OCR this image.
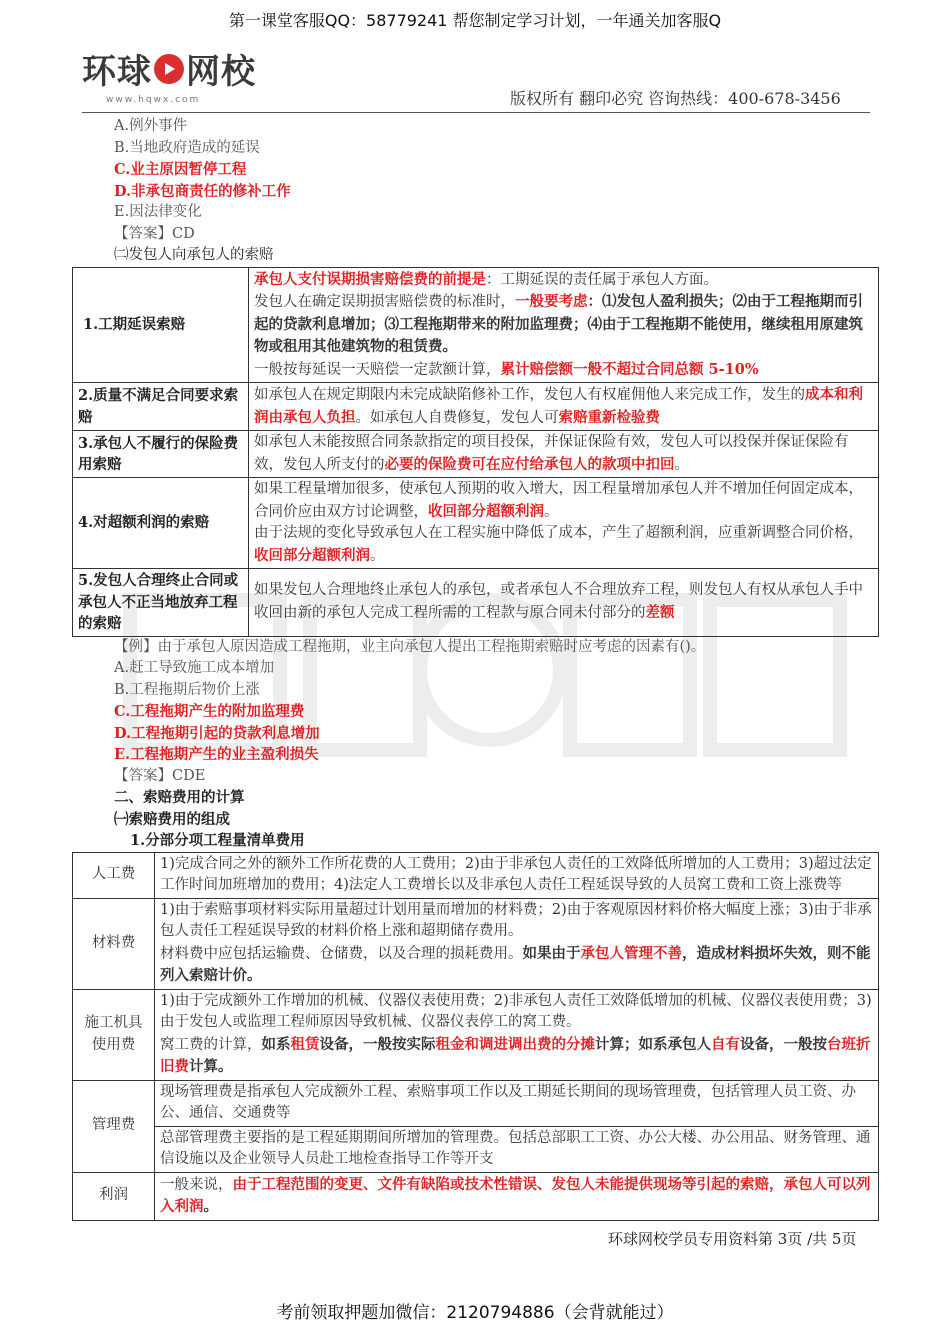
第一课堂客服QQ：58779241 帮您制定学习计划，一年通关加客服Q
环球 网校
www.hqwx.com	版权所有 翻印必究 咨询热线：400-678-3456
A.例外事件
B.当地政府造成的延误
C.业主原因暂停工程
D.非承包商责任的修补工作
E.因法律变化
【答案】CD
㈡发包人向承包人的索赔
1.工期延误索赔	承包人支付误期损害赔偿费的前提是：工期延误的责任属于承包人方面。

发包人在确定误期损害赔偿费的标准时，一般要考虑：⑴发包人盈利损失；⑵由于工程拖期而引起的贷款利息增加；⑶工程拖期带来的附加监理费；⑷由于工程拖期不能使用，继续租用原建筑物或租用其他建筑物的租赁费。

一般按每延误一天赔偿一定款额计算，累计赔偿额一般不超过合同总额 5-10%

2.质量不满足合同要求索赔	如承包人在规定期限内未完成缺陷修补工作，发包人有权雇佣他人来完成工作，发生的成本和利润由承包人负担。如承包人自费修复，发包人可索赔重新检验费
3.承包人不履行的保险费用索赔	如承包人未能按照合同条款指定的项目投保，并保证保险有效，发包人可以投保并保证保险有效，发包人所支付的必要的保险费可在应付给承包人的款项中扣回。
4.对超额利润的索赔	如果工程量增加很多，使承包人预期的收入增大，因工程量增加承包人并不增加任何固定成本，合同价应由双方讨论调整，收回部分超额利润。

由于法规的变化导致承包人在工程实施中降低了成本，产生了超额利润，应重新调整合同价格，收回部分超额利润。

5.发包人合理终止合同或承包人不正当地放弃工程的索赔	如果发包人合理地终止承包人的承包，或者承包人不合理放弃工程，则发包人有权从承包人手中收回由新的承包人完成工程所需的工程款与原合同未付部分的差额
【例】由于承包人原因造成工程拖期，业主向承包人提出工程拖期索赔时应考虑的因素有()。
A.赶工导致施工成本增加
B.工程拖期后物价上涨
C.工程拖期产生的附加监理费
D.工程拖期引起的贷款利息增加
E.工程拖期产生的业主盈利损失
【答案】CDE
二、索赔费用的计算
㈠索赔费用的组成
1.分部分项工程量清单费用
人工费	1)完成合同之外的额外工作所花费的人工费用；2)由于非承包人责任的工效降低所增加的人工费用；3)超过法定工作时间加班增加的费用；4)法定人工费增长以及非承包人责任工程延误导致的人员窝工费和工资上涨费等
材料费	1)由于索赔事项材料实际用量超过计划用量而增加的材料费；2)由于客观原因材料价格大幅度上涨；3)由于非承包人责任工程延误导致的材料价格上涨和超期储存费用。

材料费中应包括运输费、仓储费，以及合理的损耗费用。如果由于承包人管理不善，造成材料损坏失效，则不能列入索赔计价。

施工机具使用费	1)由于完成额外工作增加的机械、仪器仪表使用费；2)非承包人责任工效降低增加的机械、仪器仪表使用费；3)由于发包人或监理工程师原因导致机械、仪器仪表停工的窝工费。

窝工费的计算，如系租赁设备，一般按实际租金和调进调出费的分摊计算；如系承包人自有设备，一般按台班折旧费计算。

管理费	现场管理费是指承包人完成额外工程、索赔事项工作以及工期延长期间的现场管理费，包括管理人员工资、办公、通信、交通费等
	总部管理费主要指的是工程延期期间所增加的管理费。包括总部职工工资、办公大楼、办公用品、财务管理、通信设施以及企业领导人员赴工地检查指导工作等开支
利润	一般来说，由于工程范围的变更、文件有缺陷或技术性错误、发包人未能提供现场等引起的索赔，承包人可以列入利润。
环球网校学员专用资料第 3页 /共 5页
考前领取押题加微信：2120794886（会背就能过）
